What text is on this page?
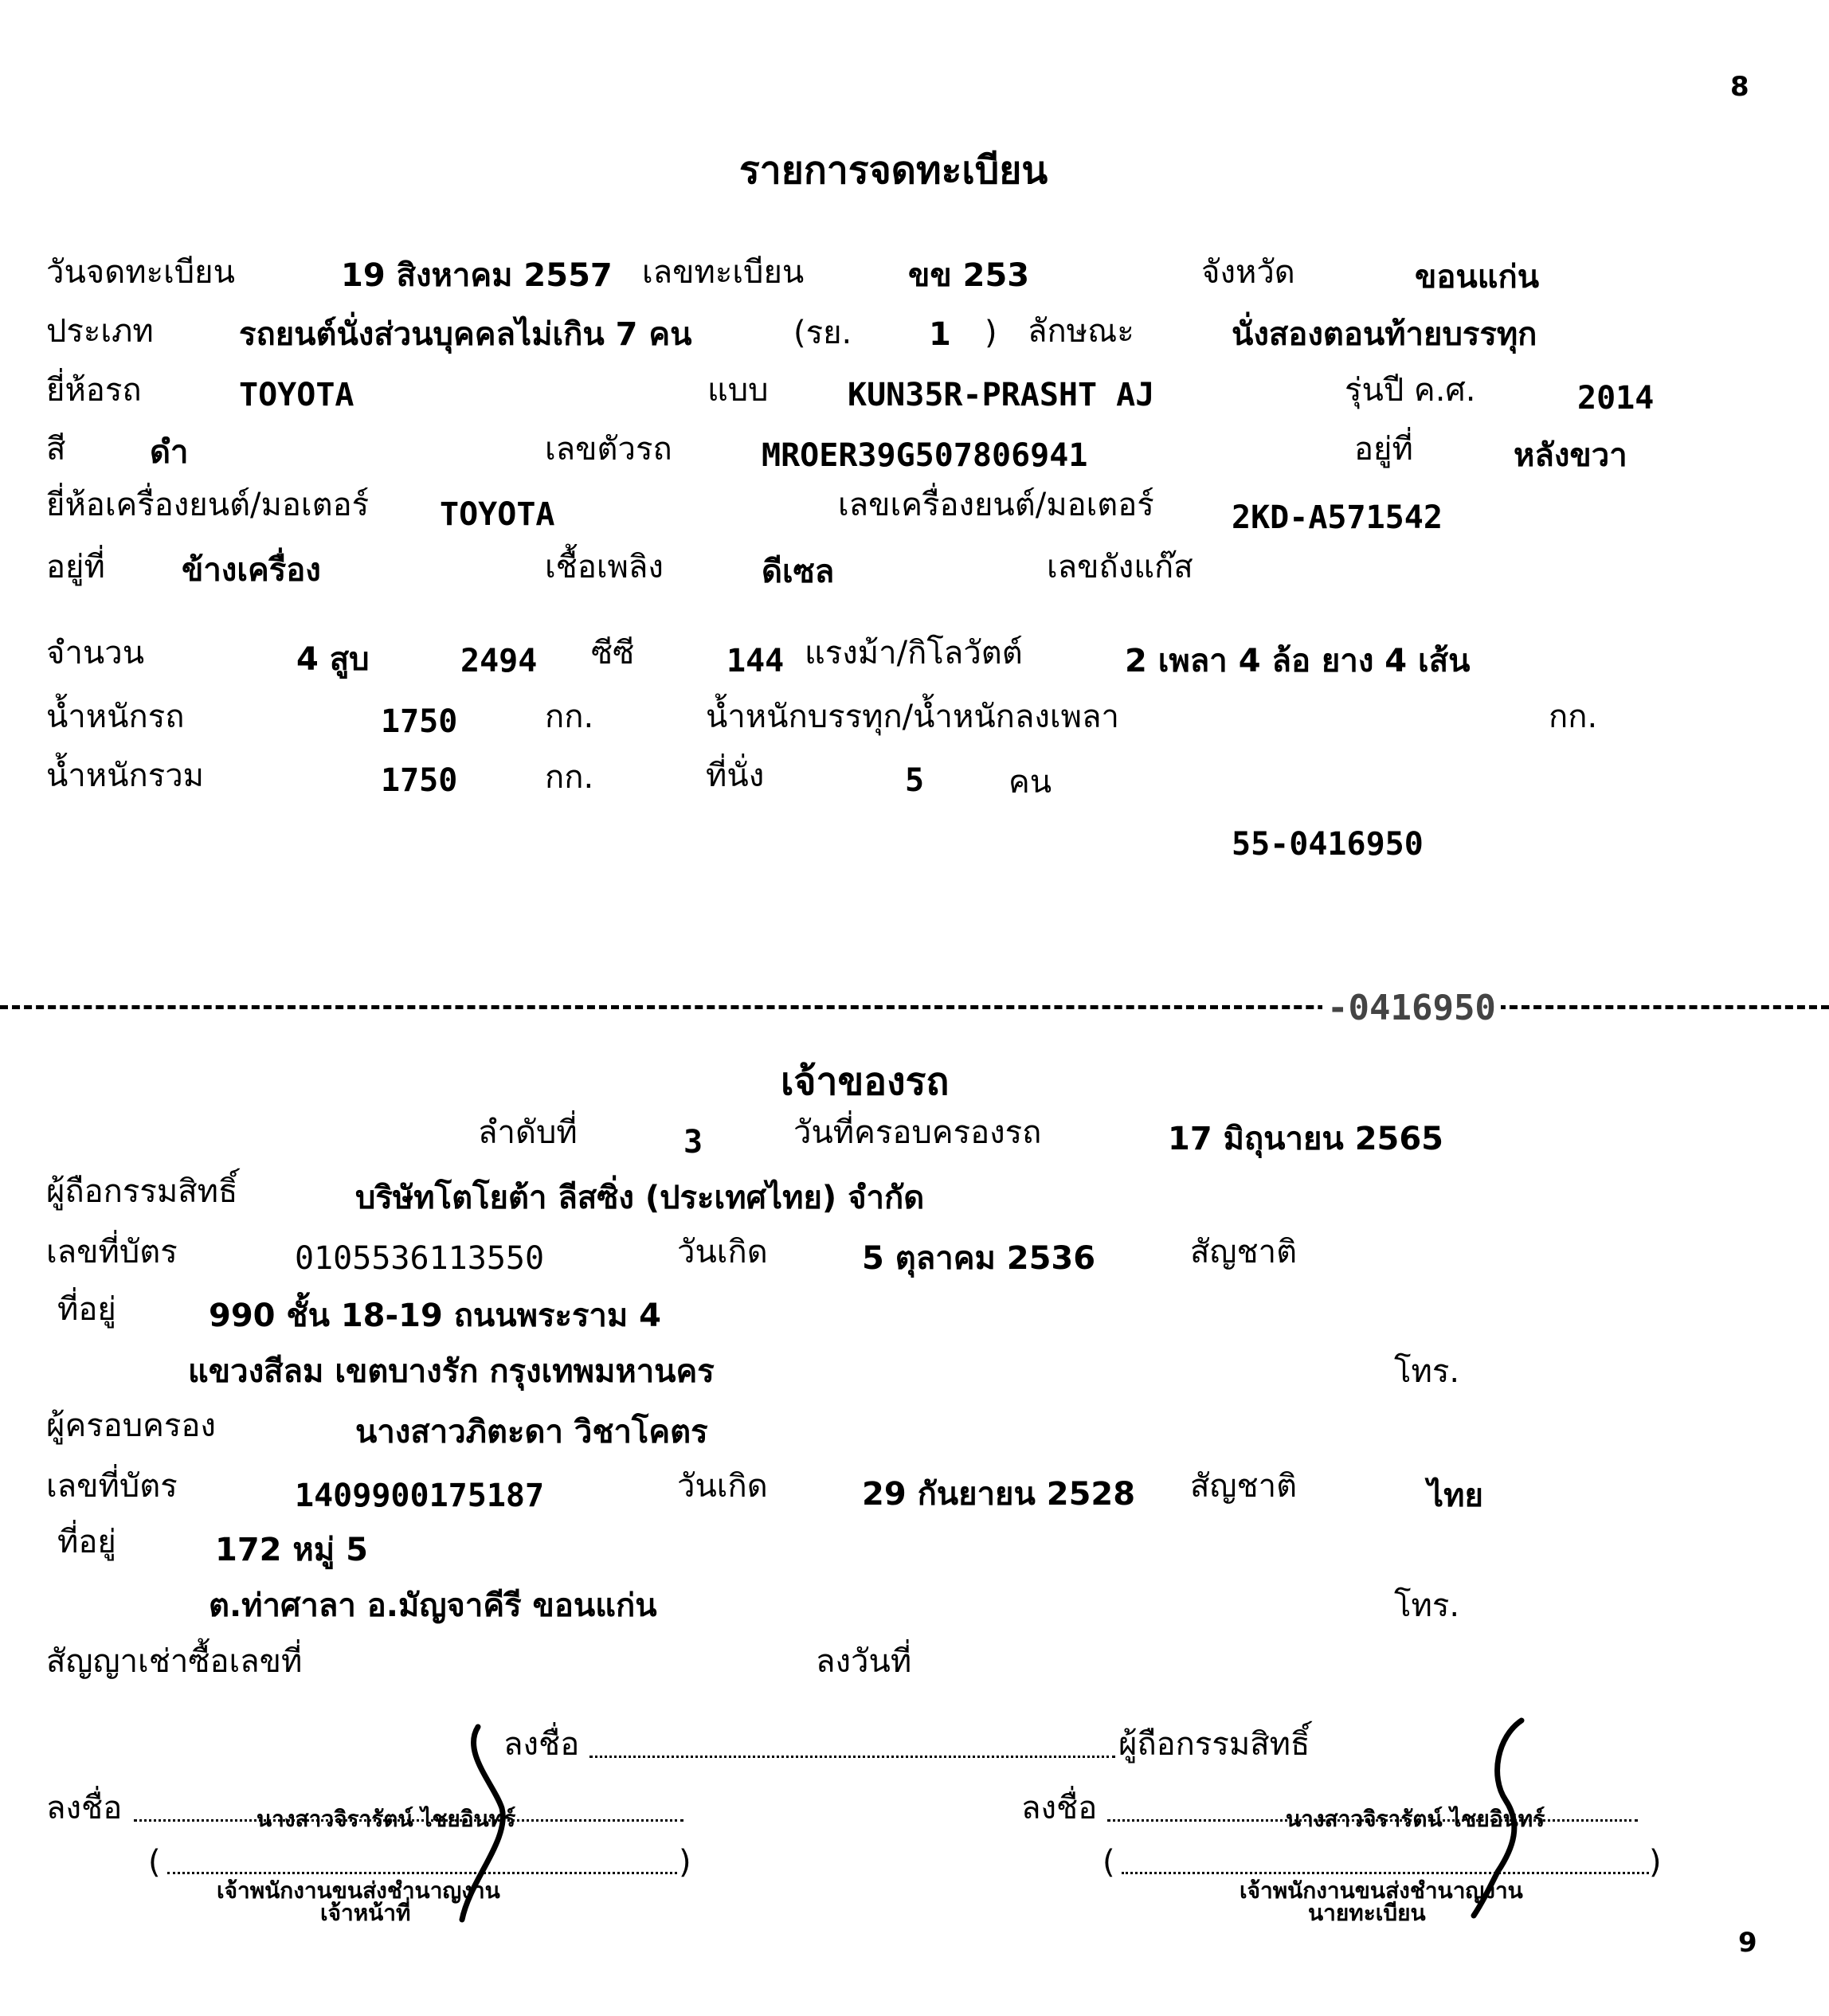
8
9
รายการจดทะเบียน
วันจดทะเบียน	19 สิงหาคม 2557 เลขทะเบียน	ขข 253	จังหวัด	ขอนแก่น
ประเภท	รถยนต์นั่งส่วนบุคคลไม่เกิน 7 คน	(รย. 1 ) ลักษณะ	นั่งสองตอนท้ายบรรทุก
ยี่ห้อรถ	TOYOTA	แบบ KUN35R-PRASHT AJ	รุ่นปี ค.ศ.	2014
สี	ดำ	เลขตัวรถ	MROER39G507806941	อยู่ที่	หลังขวา
ยี่ห้อเครื่องยนต์/มอเตอร์ TOYOTA	เลขเครื่องยนต์/มอเตอร์ 2KD-A571542
อยู่ที่ ข้างเครื่อง	เชื้อเพลิง	ดีเซล	เลขถังแก๊ส
จำนวน	4 สูบ	2494 ซีซี	144 แรงม้า/กิโลวัตต์	2 เพลา 4 ล้อ ยาง 4 เส้น
น้ำหนักรถ	1750	กก.	น้ำหนักบรรทุก/น้ำหนักลงเพลา	กก.
น้ำหนักรวม	1750	กก.	ที่นั่ง	5	คน
55-0416950
-0416950
เจ้าของรถ
ลำดับที่	3	วันที่ครอบครองรถ	17 มิถุนายน 2565
ผู้ถือกรรมสิทธิ์	บริษัทโตโยต้า ลีสซิ่ง (ประเทศไทย) จำกัด
เลขที่บัตร	0105536113550	วันเกิด	5 ตุลาคม 2536	สัญชาติ
ที่อยู่	990 ชั้น 18-19 ถนนพระราม 4
แขวงสีลม เขตบางรัก กรุงเทพมหานคร	โทร.
ผู้ครอบครอง	นางสาวภิตะดา วิชาโคตร
เลขที่บัตร	1409900175187	วันเกิด	29 กันยายน 2528 สัญชาติ	ไทย
ที่อยู่	172 หมู่ 5
ต.ท่าศาลา อ.มัญจาคีรี ขอนแก่น	โทร.
สัญญาเช่าซื้อเลขที่	ลงวันที่
ลงชื่อ	ผู้ถือกรรมสิทธิ์
ลงชื่อ	นางสาวจิรารัตน์ ไชยอินทร์
(	)
เจ้าพนักงานขนส่งชำนาญงาน
เจ้าหน้าที่
ลงชื่อ	นางสาวจิรารัตน์ ไชยอินทร์
(	)
เจ้าพนักงานขนส่งชำนาญงาน
นายทะเบียน
